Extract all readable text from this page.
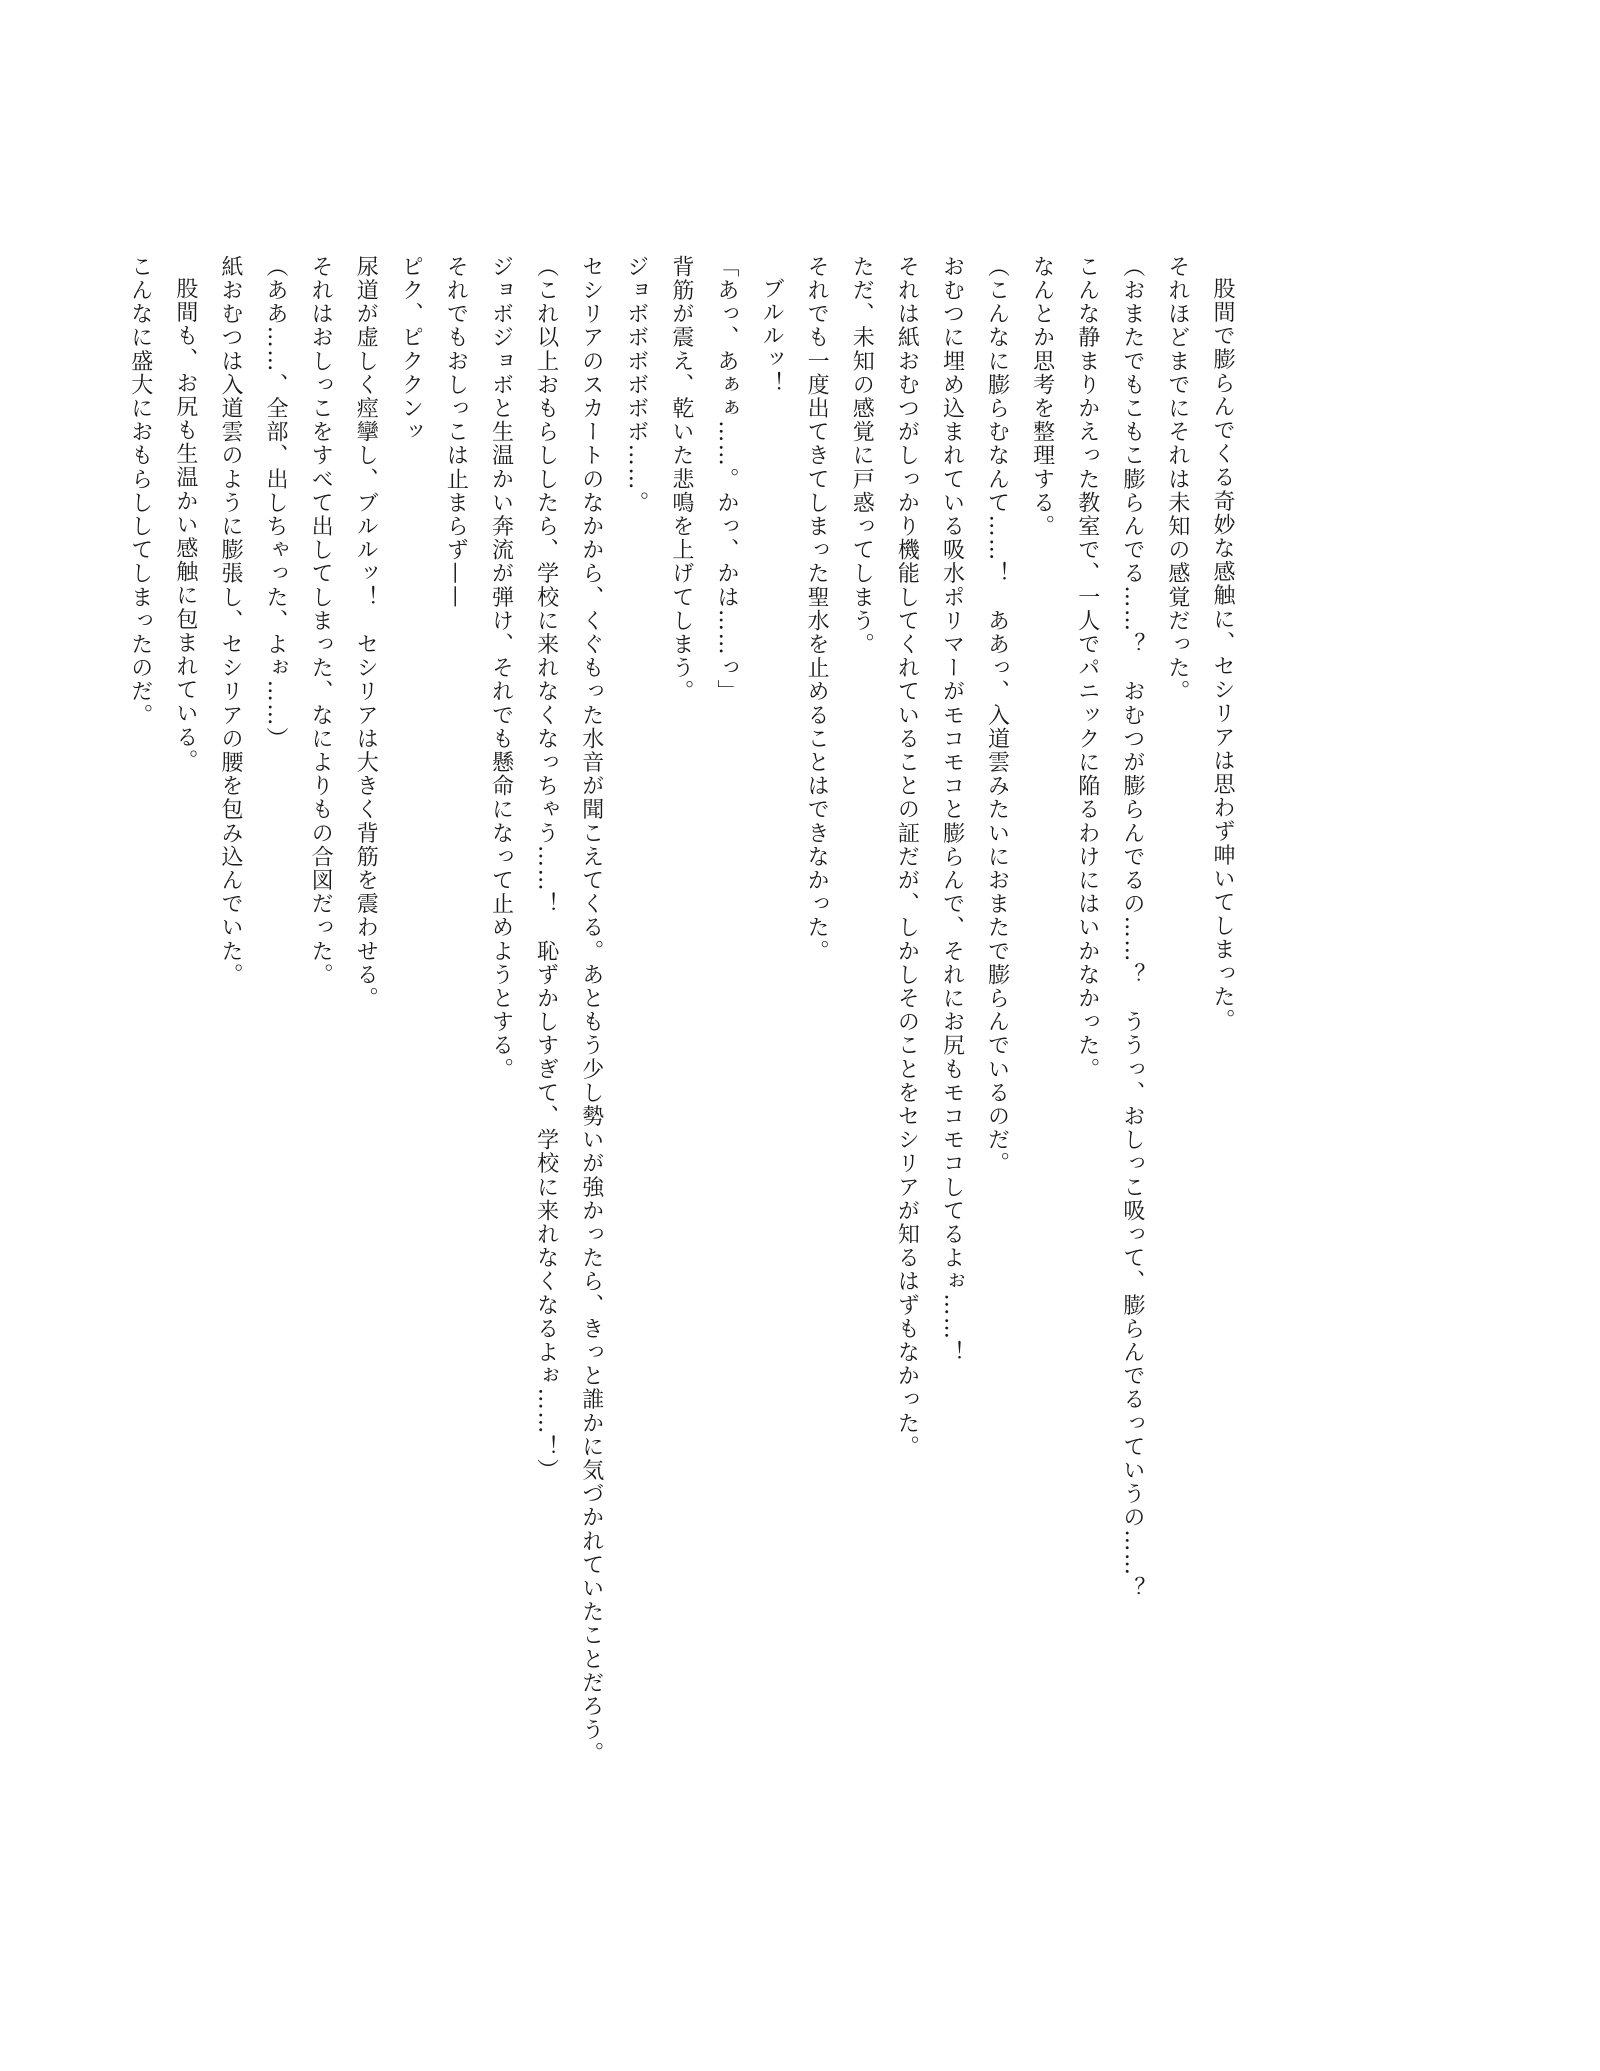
股間で膨らんでくる奇妙な感触に、セシリアは思わず呻いてしまった。

それほどまでにそれは未知の感覚だった。

（おまたでもこもこ膨らんでる……？　おむつが膨らんでるの……？　ううっ、おしっこ吸って、膨らんでるっていうの……？

こんな静まりかえった教室で、一人でパニックに陥るわけにはいかなかった。

なんとか思考を整理する。

（こんなに膨らむなんて……！　ああっ、入道雲みたいにおまたで膨らんでいるのだ。

おむつに埋め込まれている吸水ポリマーがモコモコと膨らんで、それにお尻もモコモコしてるよぉ……！

それは紙おむつがしっかり機能してくれていることの証だが、しかしそのことをセシリアが知るはずもなかった。

ただ、未知の感覚に戸惑ってしまう。

それでも一度出てきてしまった聖水を止めることはできなかった。

ブルルッ！

「あっ、あぁぁ……。かっ、かは……っ」

背筋が震え、乾いた悲鳴を上げてしまう。

ジョボボボボボボ……。

セシリアのスカートのなかから、くぐもった水音が聞こえてくる。あともう少し勢いが強かったら、きっと誰かに気づかれていたことだろう。

（これ以上おもらししたら、学校に来れなくなっちゃう……！　恥ずかしすぎて、学校に来れなくなるよぉ……！）

ジョボジョボと生温かい奔流が弾け、それでも懸命になって止めようとする。

それでもおしっこは止まらず——

ピク、ピククンッ

尿道が虚しく痙攣し、ブルルッ！　セシリアは大きく背筋を震わせる。

それはおしっこをすべて出してしまった、なによりもの合図だった。

（ああ……、全部、出しちゃった、よぉ……）

紙おむつは入道雲のように膨張し、セシリアの腰を包み込んでいた。

股間も、お尻も生温かい感触に包まれている。

こんなに盛大におもらししてしまったのだ。
